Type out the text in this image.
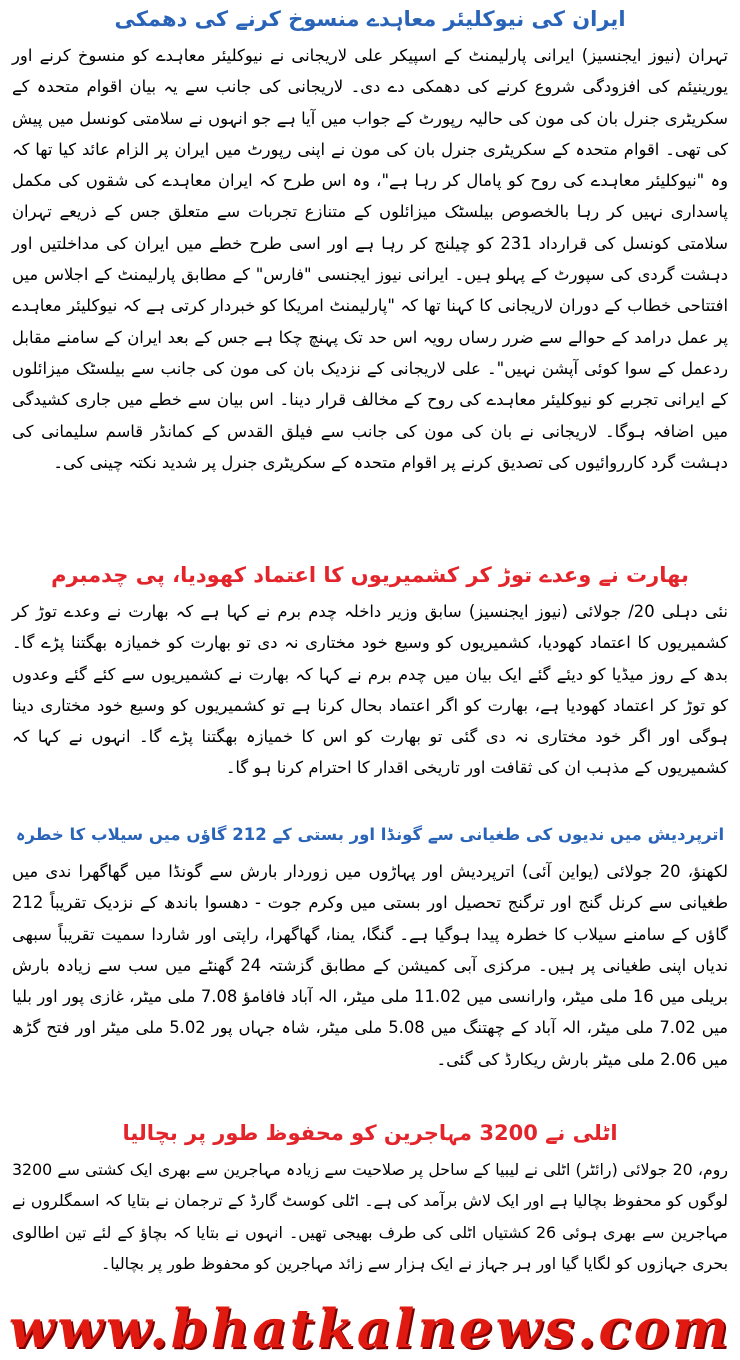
ایران کی نیوکلیئر معاہدے منسوخ کرنے کی دھمکی

تہران (نیوز ایجنسیز) ایرانی پارلیمنٹ کے اسپیکر علی لاریجانی نے نیوکلیئر معاہدے کو منسوخ کرنے اور یورینیئم کی افزودگی شروع کرنے کی دھمکی دے دی۔ لاریجانی کی جانب سے یہ بیان اقوام متحدہ کے سکریٹری جنرل بان کی مون کی حالیہ رپورٹ کے جواب میں آیا ہے جو انہوں نے سلامتی کونسل میں پیش کی تھی۔ اقوام متحدہ کے سکریٹری جنرل بان کی مون نے اپنی رپورٹ میں ایران پر الزام عائد کیا تھا کہ وہ "نیوکلیئر معاہدے کی روح کو پامال کر رہا ہے"، وہ اس طرح کہ ایران معاہدے کی شقوں کی مکمل پاسداری نہیں کر رہا بالخصوص بیلسٹک میزائلوں کے متنازع تجربات سے متعلق جس کے ذریعے تہران سلامتی کونسل کی قرارداد 231 کو چیلنج کر رہا ہے اور اسی طرح خطے میں ایران کی مداخلتیں اور دہشت گردی کی سپورٹ کے پہلو ہیں۔ ایرانی نیوز ایجنسی "فارس" کے مطابق پارلیمنٹ کے اجلاس میں افتتاحی خطاب کے دوران لاریجانی کا کہنا تھا کہ "پارلیمنٹ امریکا کو خبردار کرتی ہے کہ نیوکلیئر معاہدے پر عمل درامد کے حوالے سے ضرر رساں رویہ اس حد تک پہنچ چکا ہے جس کے بعد ایران کے سامنے مقابل ردعمل کے سوا کوئی آپشن نہیں"۔ علی لاریجانی کے نزدیک بان کی مون کی جانب سے بیلسٹک میزائلوں کے ایرانی تجربے کو نیوکلیئر معاہدے کی روح کے مخالف قرار دینا۔ اس بیان سے خطے میں جاری کشیدگی میں اضافہ ہوگا۔ لاریجانی نے بان کی مون کی جانب سے فیلق القدس کے کمانڈر قاسم سلیمانی کی دہشت گرد کارروائیوں کی تصدیق کرنے پر اقوام متحدہ کے سکریٹری جنرل پر شدید نکتہ چینی کی۔

بھارت نے وعدے توڑ کر کشمیریوں کا اعتماد کھودیا، پی چدمبرم

نئی دہلی 20/ جولائی (نیوز ایجنسیز) سابق وزیر داخلہ چدم برم نے کہا ہے کہ بھارت نے وعدے توڑ کر کشمیریوں کا اعتماد کھودیا، کشمیریوں کو وسیع خود مختاری نہ دی تو بھارت کو خمیازہ بھگتنا پڑے گا۔ بدھ کے روز میڈیا کو دیئے گئے ایک بیان میں چدم برم نے کہا کہ بھارت نے کشمیریوں سے کئے گئے وعدوں کو توڑ کر اعتماد کھودیا ہے، بھارت کو اگر اعتماد بحال کرنا ہے تو کشمیریوں کو وسیع خود مختاری دینا ہوگی اور اگر خود مختاری نہ دی گئی تو بھارت کو اس کا خمیازہ بھگتنا پڑے گا۔ انہوں نے کہا کہ کشمیریوں کے مذہب ان کی ثقافت اور تاریخی اقدار کا احترام کرنا ہو گا۔

اترپردیش میں ندیوں کی طغیانی سے گونڈا اور بستی کے 212 گاؤں میں سیلاب کا خطرہ

لکھنؤ، 20 جولائی (یواین آئی) اترپردیش اور پہاڑوں میں زوردار بارش سے گونڈا میں گھاگھرا ندی میں طغیانی سے کرنل گنج اور ترگنج تحصیل اور بستی میں وکرم جوت - دھسوا باندھ کے نزدیک تقریباً 212 گاؤں کے سامنے سیلاب کا خطرہ پیدا ہوگیا ہے۔ گنگا، یمنا، گھاگھرا، راپتی اور شاردا سمیت تقریباً سبھی ندیاں اپنی طغیانی پر ہیں۔ مرکزی آبی کمیشن کے مطابق گزشتہ 24 گھنٹے میں سب سے زیادہ بارش بریلی میں 16 ملی میٹر، وارانسی میں 11.02 ملی میٹر، الہ آباد فافامؤ 7.08 ملی میٹر، غازی پور اور بلیا میں 7.02 ملی میٹر، الہ آباد کے چھتنگ میں 5.08 ملی میٹر، شاہ جہاں پور 5.02 ملی میٹر اور فتح گڑھ میں 2.06 ملی میٹر بارش ریکارڈ کی گئی۔

اٹلی نے 3200 مہاجرین کو محفوظ طور پر بچالیا

روم، 20 جولائی (رائٹر) اٹلی نے لیبیا کے ساحل پر صلاحیت سے زیادہ مہاجرین سے بھری ایک کشتی سے 3200 لوگوں کو محفوظ بچالیا ہے اور ایک لاش برآمد کی ہے۔ اٹلی کوسٹ گارڈ کے ترجمان نے بتایا کہ اسمگلروں نے مہاجرین سے بھری ہوئی 26 کشتیاں اٹلی کی طرف بھیجی تھیں۔ انہوں نے بتایا کہ بچاؤ کے لئے تین اطالوی بحری جہازوں کو لگایا گیا اور ہر جہاز نے ایک ہزار سے زائد مہاجرین کو محفوظ طور پر بچالیا۔

www.bhatkalnews.com
